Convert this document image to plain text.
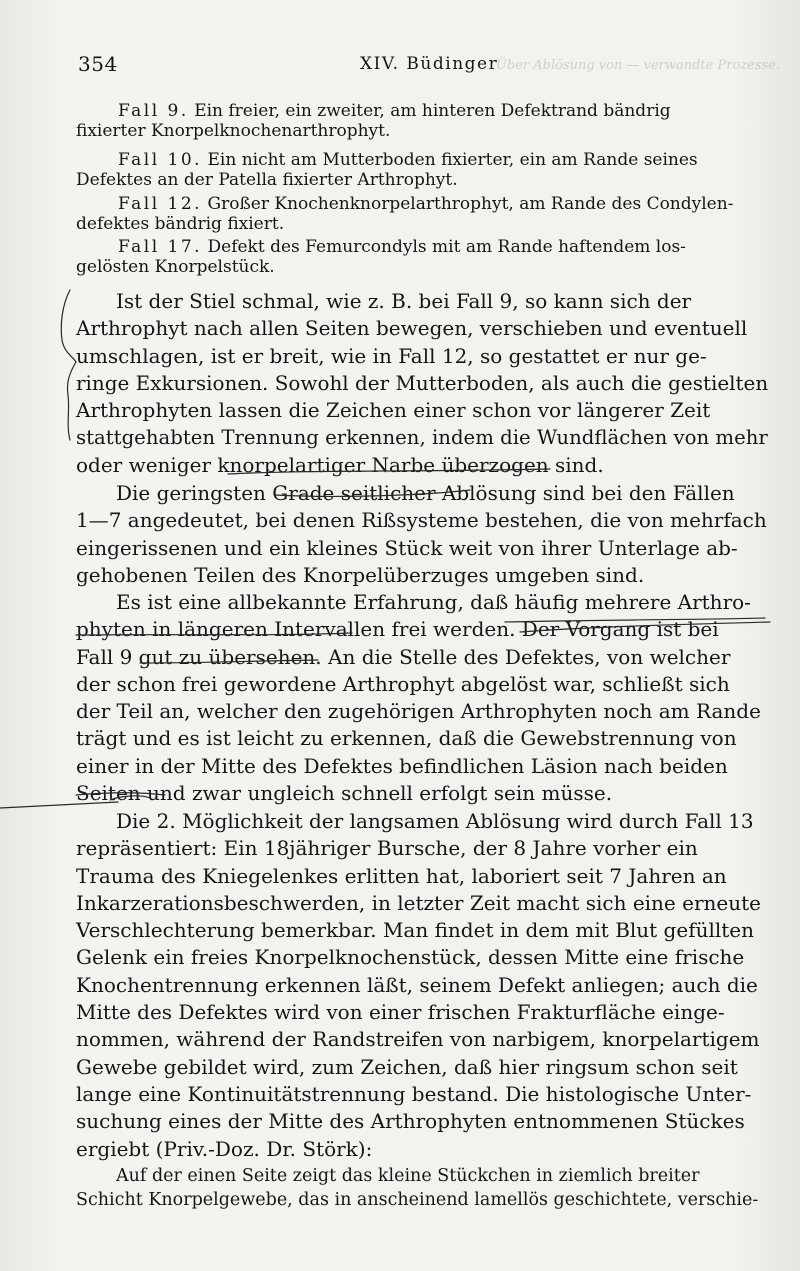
Über Ablösung von — verwandte Prozesse.
354	XIV. Büdinger
Fall 9. Ein freier, ein zweiter, am hinteren Defektrand bändrig
fixierter Knorpelknochenarthrophyt.
Fall 10. Ein nicht am Mutterboden fixierter, ein am Rande seines
Defektes an der Patella fixierter Arthrophyt.
Fall 12. Großer Knochenknorpelarthrophyt, am Rande des Condylen-
defektes bändrig fixiert.
Fall 17. Defekt des Femurcondyls mit am Rande haftendem los-
gelösten Knorpelstück.
Ist der Stiel schmal, wie z. B. bei Fall 9, so kann sich der
Arthrophyt nach allen Seiten bewegen, verschieben und eventuell
umschlagen, ist er breit, wie in Fall 12, so gestattet er nur ge-
ringe Exkursionen. Sowohl der Mutterboden, als auch die gestielten
Arthrophyten lassen die Zeichen einer schon vor längerer Zeit
stattgehabten Trennung erkennen, indem die Wundflächen von mehr
oder weniger knorpelartiger Narbe überzogen sind.
Die geringsten Grade seitlicher Ablösung sind bei den Fällen
1—7 angedeutet, bei denen Rißsysteme bestehen, die von mehrfach
eingerissenen und ein kleines Stück weit von ihrer Unterlage ab-
gehobenen Teilen des Knorpelüberzuges umgeben sind.
Es ist eine allbekannte Erfahrung, daß häufig mehrere Arthro-
phyten in längeren Intervallen frei werden. Der Vorgang ist bei
Fall 9 gut zu übersehen. An die Stelle des Defektes, von welcher
der schon frei gewordene Arthrophyt abgelöst war, schließt sich
der Teil an, welcher den zugehörigen Arthrophyten noch am Rande
trägt und es ist leicht zu erkennen, daß die Gewebstrennung von
einer in der Mitte des Defektes befindlichen Läsion nach beiden
Seiten und zwar ungleich schnell erfolgt sein müsse.
Die 2. Möglichkeit der langsamen Ablösung wird durch Fall 13
repräsentiert: Ein 18jähriger Bursche, der 8 Jahre vorher ein
Trauma des Kniegelenkes erlitten hat, laboriert seit 7 Jahren an
Inkarzerationsbeschwerden, in letzter Zeit macht sich eine erneute
Verschlechterung bemerkbar. Man findet in dem mit Blut gefüllten
Gelenk ein freies Knorpelknochenstück, dessen Mitte eine frische
Knochentrennung erkennen läßt, seinem Defekt anliegen; auch die
Mitte des Defektes wird von einer frischen Frakturfläche einge-
nommen, während der Randstreifen von narbigem, knorpelartigem
Gewebe gebildet wird, zum Zeichen, daß hier ringsum schon seit
lange eine Kontinuitätstrennung bestand. Die histologische Unter-
suchung eines der Mitte des Arthrophyten entnommenen Stückes
ergiebt (Priv.-Doz. Dr. Störk):
Auf der einen Seite zeigt das kleine Stückchen in ziemlich breiter
Schicht Knorpelgewebe, das in anscheinend lamellös geschichtete, verschie-
